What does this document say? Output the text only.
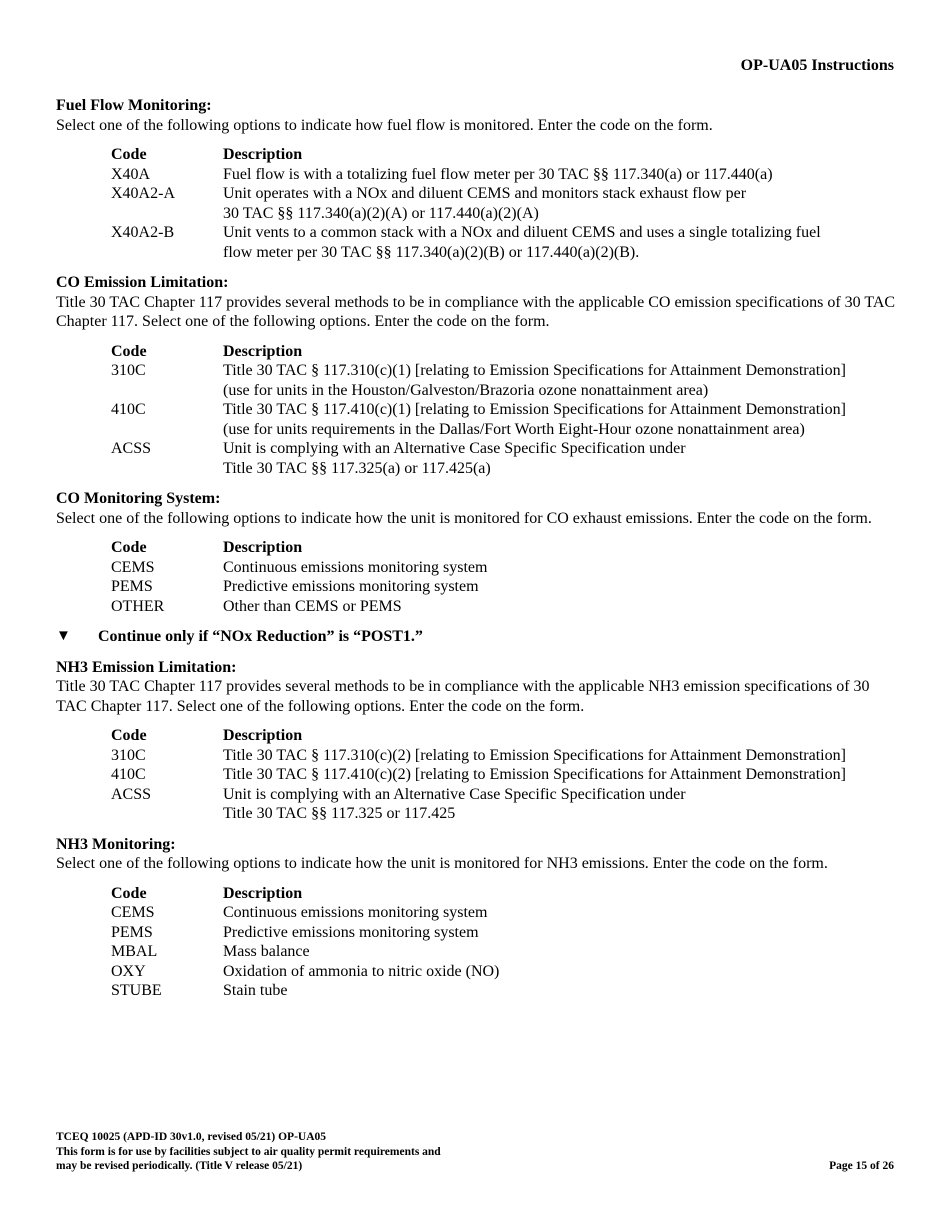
OP-UA05 Instructions
Fuel Flow Monitoring:
Select one of the following options to indicate how fuel flow is monitored. Enter the code on the form.
Code	Description
X40A	Fuel flow is with a totalizing fuel flow meter per 30 TAC §§ 117.340(a) or 117.440(a)
X40A2-A	Unit operates with a NOx and diluent CEMS and monitors stack exhaust flow per
30 TAC §§ 117.340(a)(2)(A) or 117.440(a)(2)(A)
X40A2-B	Unit vents to a common stack with a NOx and diluent CEMS and uses a single totalizing fuel
flow meter per 30 TAC §§ 117.340(a)(2)(B) or 117.440(a)(2)(B).
CO Emission Limitation:
Title 30 TAC Chapter 117 provides several methods to be in compliance with the applicable CO emission specifications of 30 TAC Chapter 117. Select one of the following options. Enter the code on the form.
Code	Description
310C	Title 30 TAC § 117.310(c)(1) [relating to Emission Specifications for Attainment Demonstration]
(use for units in the Houston/Galveston/Brazoria ozone nonattainment area)
410C	Title 30 TAC § 117.410(c)(1) [relating to Emission Specifications for Attainment Demonstration]
(use for units requirements in the Dallas/Fort Worth Eight-Hour ozone nonattainment area)
ACSS	Unit is complying with an Alternative Case Specific Specification under
Title 30 TAC §§ 117.325(a) or 117.425(a)
CO Monitoring System:
Select one of the following options to indicate how the unit is monitored for CO exhaust emissions. Enter the code on the form.
Code	Description
CEMS	Continuous emissions monitoring system
PEMS	Predictive emissions monitoring system
OTHER	Other than CEMS or PEMS
▼	Continue only if “NOx Reduction” is “POST1.”
NH3 Emission Limitation:
Title 30 TAC Chapter 117 provides several methods to be in compliance with the applicable NH3 emission specifications of 30 TAC Chapter 117. Select one of the following options. Enter the code on the form.
Code	Description
310C	Title 30 TAC § 117.310(c)(2) [relating to Emission Specifications for Attainment Demonstration]
410C	Title 30 TAC § 117.410(c)(2) [relating to Emission Specifications for Attainment Demonstration]
ACSS	Unit is complying with an Alternative Case Specific Specification under
Title 30 TAC §§ 117.325 or 117.425
NH3 Monitoring:
Select one of the following options to indicate how the unit is monitored for NH3 emissions. Enter the code on the form.
Code	Description
CEMS	Continuous emissions monitoring system
PEMS	Predictive emissions monitoring system
MBAL	Mass balance
OXY	Oxidation of ammonia to nitric oxide (NO)
STUBE	Stain tube
TCEQ 10025 (APD-ID 30v1.0, revised 05/21) OP-UA05
This form is for use by facilities subject to air quality permit requirements and
may be revised periodically. (Title V release 05/21)	Page 15 of 26
